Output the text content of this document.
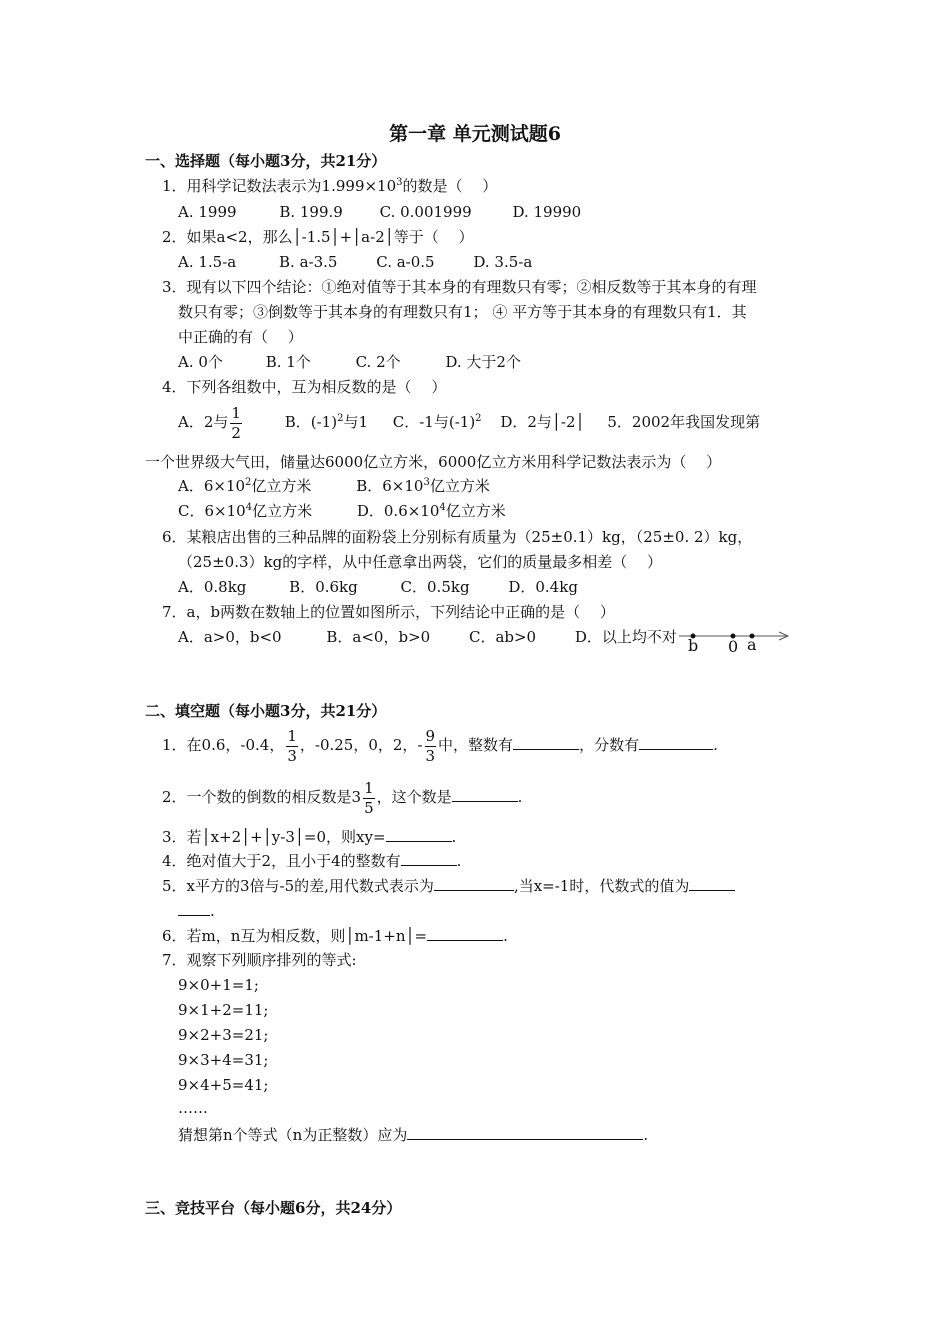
第一章 单元测试题6
一、选择题（每小题3分，共21分）
1．用科学记数法表示为$1.999\times 10^3$的数是（　 ）
A. 1999	B. 199.9 C. 0.001999	D. 19990
2．如果a<2，那么│-1.5│+│a-2│等于（　 ）
A. 1.5-a	B. a-3.5	C. a-0.5	D. 3.5-a
3．现有以下四个结论：①绝对值等于其本身的有理数只有零；②相反数等于其本身的有理
数只有零；③倒数等于其本身的有理数只有1； ④ 平方等于其本身的有理数只有1．其
中正确的有（　 ）
A. 0个	B. 1个	C. 2个	D. 大于2个
4．下列各组数中，互为相反数的是（　 ）
A．2与 $\frac{1}{2}$	B．$(-1)^2$与1 C．-1与$(-1)^2$ D．2与│-2│ 5．2002年我国发现第
一个世界级大气田，储量达6000亿立方米，6000亿立方米用科学记数法表示为（　 ）
A．$6\times 10^2$亿立方米	B．$6\times 10^3$亿立方米
C．$6\times 10^4$亿立方米	D．$0.6\times 10^4$亿立方米
6．某粮店出售的三种品牌的面粉袋上分别标有质量为（25±0.1）kg，（25±0. 2）kg，
（25±0.3）kg的字样，从中任意拿出两袋，它们的质量最多相差（　 ）
A．0.8kg	B．0.6kg	C．0.5kg	D．0.4kg
7．a，b两数在数轴上的位置如图所示，下列结论中正确的是（　 ）
A．a>0，b<0	B．a<0，b>0	C．ab>0	D．以上均不对 b 0 a
二、填空题（每小题3分，共21分）
1．在0.6，-0.4， $\frac{1}{3}$ ，-0.25，0，2，- $\frac{9}{3}$ 中，整数有	，分数有	.
2．一个数的倒数的相反数是$3 \frac{1}{5}$ ，这个数是	.
3．若│x+2│+│y-3│=0，则xy=	.
4．绝对值大于2，且小于4的整数有	.
5．x平方的3倍与-5的差,用代数式表示为	,当x=-1时，代数式的值为
.
6．若m，n互为相反数，则│m-1+n│=	.
7．观察下列顺序排列的等式:
9×0+1=1;
9×1+2=11;
9×2+3=21;
9×3+4=31;
9×4+5=41;
……
猜想第n个等式（n为正整数）应为	.
三、竞技平台（每小题6分，共24分）
